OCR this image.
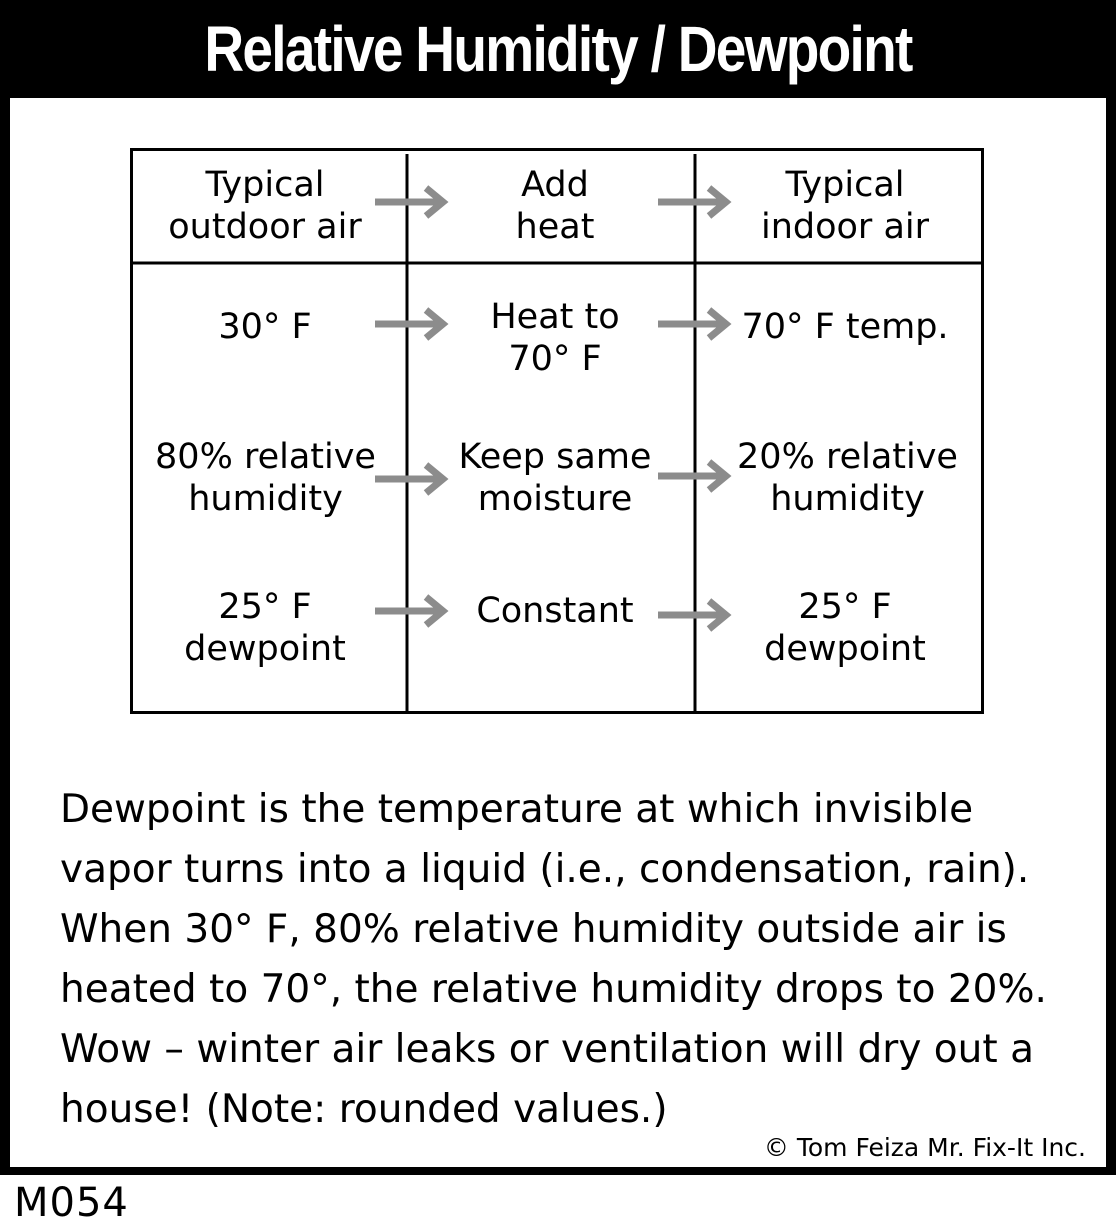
Relative Humidity / Dewpoint
Typical
outdoor air
Add
heat
Typical
indoor air
30° F	Heat to
70° F
70° F temp.
80% relative
humidity
Keep same
moisture
20% relative
humidity
25° F
dewpoint
Constant	25° F
dewpoint
Dewpoint is the temperature at which invisible
vapor turns into a liquid (i.e., condensation, rain).
When 30° F, 80% relative humidity outside air is
heated to 70°, the relative humidity drops to 20%.
Wow – winter air leaks or ventilation will dry out a
house! (Note: rounded values.)
© Tom Feiza Mr. Fix-It Inc.
M054
